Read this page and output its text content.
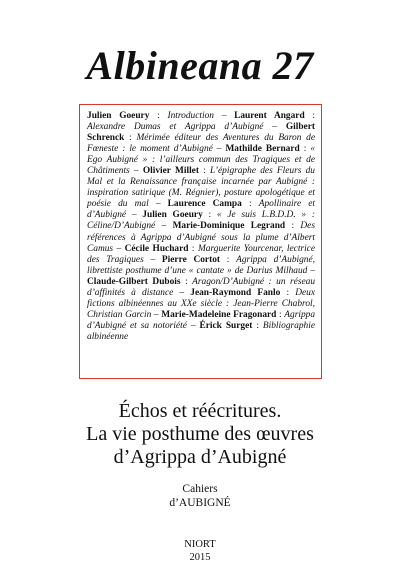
Albineana 27

Julien Goeury : Introduction – Laurent Angard : Alexandre Dumas et Agrippa d’Aubigné – Gilbert Schrenck : Mérimée éditeur des Aventures du Baron de Fœneste : le moment d’Aubigné – Mathilde Bernard : « Ego Aubigné » : l’ailleurs commun des Tragiques et de Châtiments – Olivier Millet : L’épigraphe des Fleurs du Mal et la Renaissance française incarnée par Aubigné : inspiration satirique (M. Régnier), posture apologétique et poésie du mal – Laurence Campa : Apollinaire et d’Aubigné – Julien Goeury : « Je suis L.B.D.D. » : Céline/D’Aubigné – Marie-Dominique Legrand : Des références à Agrippa d’Aubigné sous la plume d’Albert Camus – Cécile Huchard : Marguerite Yourcenar, lectrice des Tragiques – Pierre Cortot : Agrippa d’Aubigné, librettiste posthume d’une « cantate » de Darius Milhaud – Claude-Gilbert Dubois : Aragon/D’Aubigné : un réseau d’affinités à distance – Jean-Raymond Fanlo : Deux fictions albinéennes au XXe siècle : Jean-Pierre Chabrol, Christian Garcin – Marie-Madeleine Fragonard : Agrippa d’Aubigné et sa notoriété – Érick Surget : Bibliographie albinéenne

Échos et réécritures.
La vie posthume des œuvres
d’Agrippa d’Aubigné
Cahiers
d’AUBIGNÉ
NIORT
2015
